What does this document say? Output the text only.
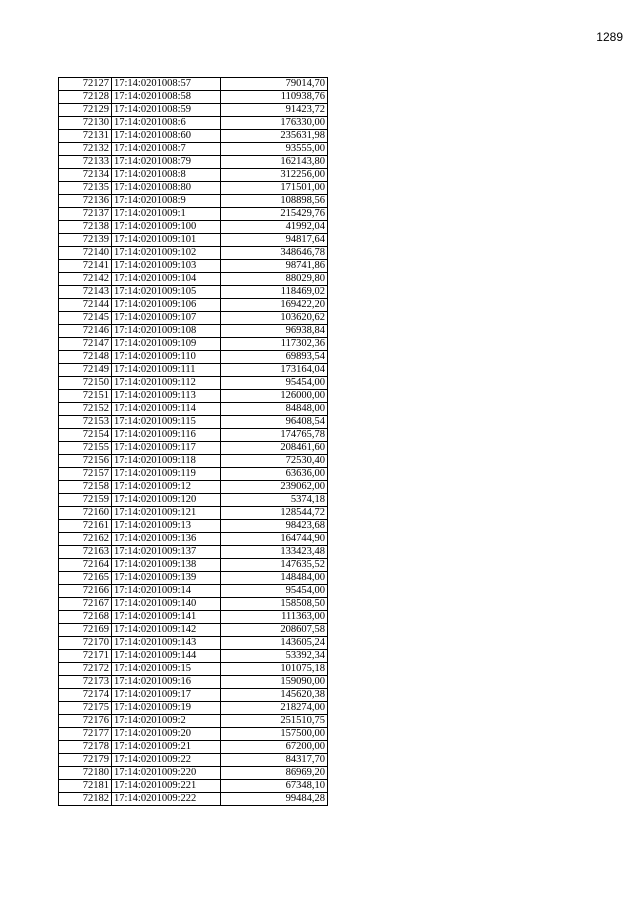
1289
72127	17:14:0201008:57	79014,70
72128	17:14:0201008:58	110938,76
72129	17:14:0201008:59	91423,72
72130	17:14:0201008:6	176330,00
72131	17:14:0201008:60	235631,98
72132	17:14:0201008:7	93555,00
72133	17:14:0201008:79	162143,80
72134	17:14:0201008:8	312256,00
72135	17:14:0201008:80	171501,00
72136	17:14:0201008:9	108898,56
72137	17:14:0201009:1	215429,76
72138	17:14:0201009:100	41992,04
72139	17:14:0201009:101	94817,64
72140	17:14:0201009:102	348646,78
72141	17:14:0201009:103	98741,86
72142	17:14:0201009:104	88029,80
72143	17:14:0201009:105	118469,02
72144	17:14:0201009:106	169422,20
72145	17:14:0201009:107	103620,62
72146	17:14:0201009:108	96938,84
72147	17:14:0201009:109	117302,36
72148	17:14:0201009:110	69893,54
72149	17:14:0201009:111	173164,04
72150	17:14:0201009:112	95454,00
72151	17:14:0201009:113	126000,00
72152	17:14:0201009:114	84848,00
72153	17:14:0201009:115	96408,54
72154	17:14:0201009:116	174765,78
72155	17:14:0201009:117	208461,60
72156	17:14:0201009:118	72530,40
72157	17:14:0201009:119	63636,00
72158	17:14:0201009:12	239062,00
72159	17:14:0201009:120	5374,18
72160	17:14:0201009:121	128544,72
72161	17:14:0201009:13	98423,68
72162	17:14:0201009:136	164744,90
72163	17:14:0201009:137	133423,48
72164	17:14:0201009:138	147635,52
72165	17:14:0201009:139	148484,00
72166	17:14:0201009:14	95454,00
72167	17:14:0201009:140	158508,50
72168	17:14:0201009:141	111363,00
72169	17:14:0201009:142	208607,58
72170	17:14:0201009:143	143605,24
72171	17:14:0201009:144	53392,34
72172	17:14:0201009:15	101075,18
72173	17:14:0201009:16	159090,00
72174	17:14:0201009:17	145620,38
72175	17:14:0201009:19	218274,00
72176	17:14:0201009:2	251510,75
72177	17:14:0201009:20	157500,00
72178	17:14:0201009:21	67200,00
72179	17:14:0201009:22	84317,70
72180	17:14:0201009:220	86969,20
72181	17:14:0201009:221	67348,10
72182	17:14:0201009:222	99484,28
